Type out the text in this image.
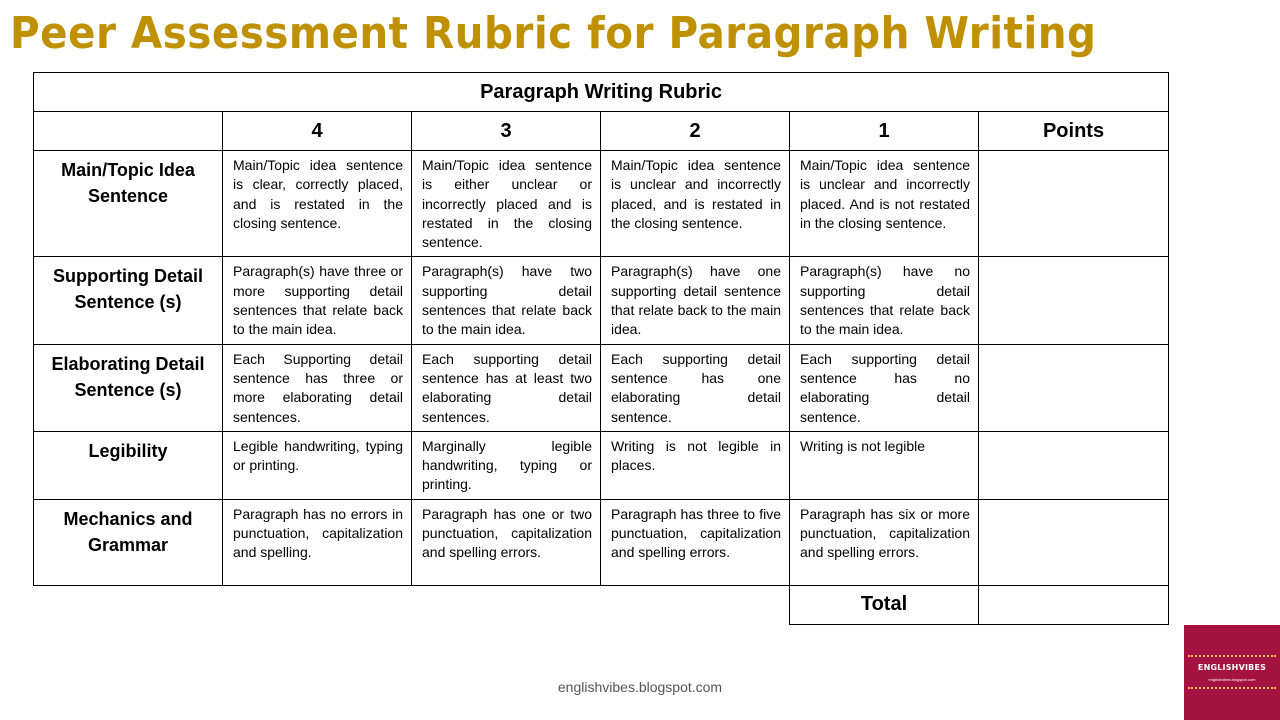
Peer Assessment Rubric for Paragraph Writing
Paragraph Writing Rubric					
	4	3	2	1	Points
Main/Topic Idea Sentence	Main/Topic idea sentence is clear, correctly placed, and is restated in the closing sentence.	Main/Topic idea sentence is either unclear or incorrectly placed and is restated in the closing sentence.	Main/Topic idea sentence is unclear and incorrectly placed, and is restated in the closing sentence.	Main/Topic idea sentence is unclear and incorrectly placed. And is not restated in the closing sentence.	
Supporting Detail Sentence (s)	Paragraph(s) have three or more supporting detail sentences that relate back to the main idea.	Paragraph(s) have two supporting detail sentences that relate back to the main idea.	Paragraph(s) have one supporting detail sentence that relate back to the main idea.	Paragraph(s) have no supporting detail sentences that relate back to the main idea.	
Elaborating Detail Sentence (s)	Each Supporting detail sentence has three or more elaborating detail sentences.	Each supporting detail sentence has at least two elaborating detail sentences.	Each supporting detail sentence has one elaborating detail sentence.	Each supporting detail sentence has no elaborating detail sentence.	
Legibility	Legible handwriting, typing or printing.	Marginally legible handwriting, typing or printing.	Writing is not legible in places.	Writing is not legible	
Mechanics and Grammar	Paragraph has no errors in punctuation, capitalization and spelling.	Paragraph has one or two punctuation, capitalization and spelling errors.	Paragraph has three to five punctuation, capitalization and spelling errors.	Paragraph has six or more punctuation, capitalization and spelling errors.	
				Total	
englishvibes.blogspot.com
ENGLISHVIBES
englishvibes.blogspot.com
